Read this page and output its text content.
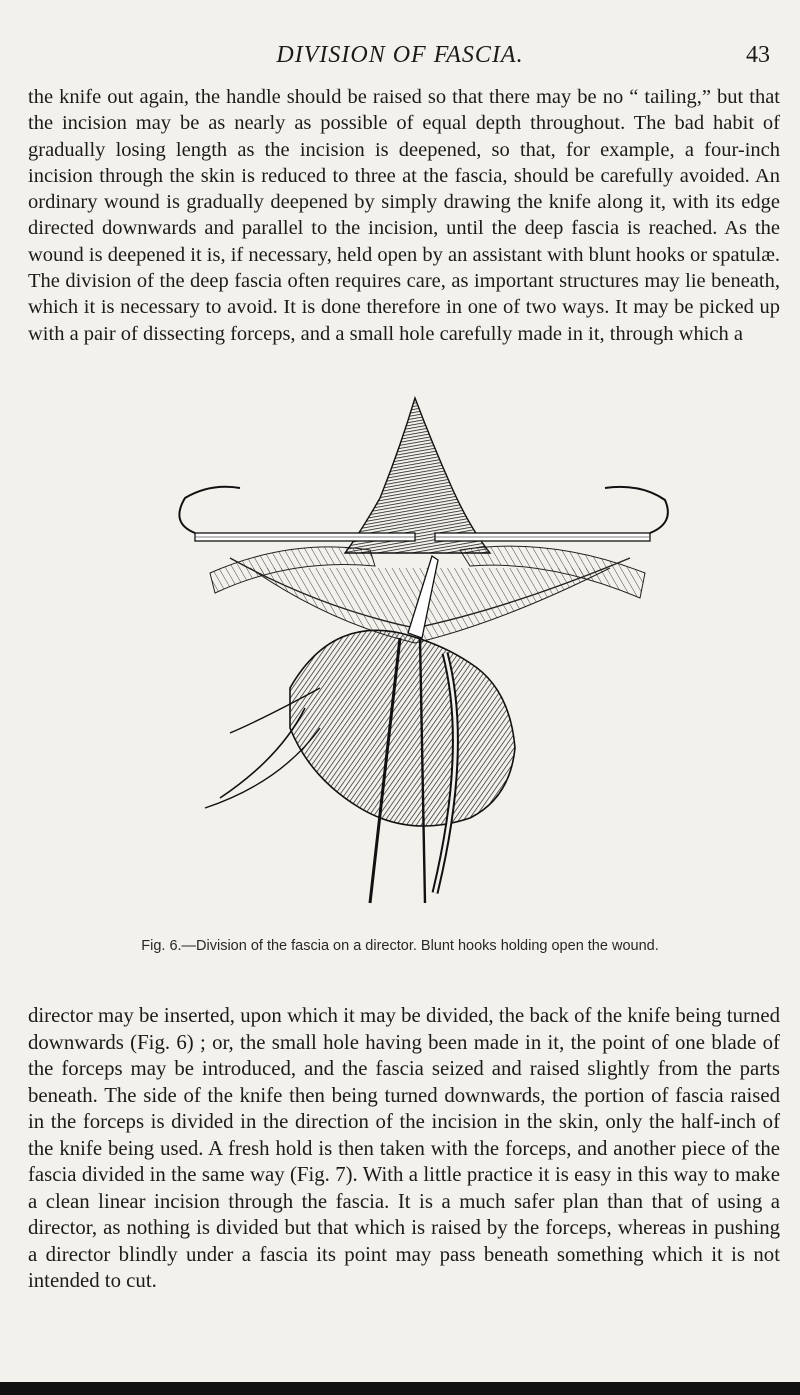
DIVISION OF FASCIA.	43

the knife out again, the handle should be raised so that there may be no “ tailing,” but that the incision may be as nearly as possible of equal depth throughout. The bad habit of gradually losing length as the incision is deepened, so that, for example, a four-inch incision through the skin is reduced to three at the fascia, should be carefully avoided. An ordinary wound is gradually deepened by simply drawing the knife along it, with its edge directed downwards and parallel to the incision, until the deep fascia is reached. As the wound is deepened it is, if necessary, held open by an assistant with blunt hooks or spatulæ. The division of the deep fascia often requires care, as important structures may lie beneath, which it is necessary to avoid. It is done therefore in one of two ways. It may be picked up with a pair of dissecting forceps, and a small hole carefully made in it, through which a

Fig. 6.—Division of the fascia on a director. Blunt hooks holding open the wound.

director may be inserted, upon which it may be divided, the back of the knife being turned downwards (Fig. 6) ; or, the small hole having been made in it, the point of one blade of the forceps may be introduced, and the fascia seized and raised slightly from the parts beneath. The side of the knife then being turned downwards, the portion of fascia raised in the forceps is divided in the direction of the incision in the skin, only the half-inch of the knife being used. A fresh hold is then taken with the forceps, and another piece of the fascia divided in the same way (Fig. 7). With a little practice it is easy in this way to make a clean linear incision through the fascia. It is a much safer plan than that of using a director, as nothing is divided but that which is raised by the forceps, whereas in pushing a director blindly under a fascia its point may pass beneath something which it is not intended to cut.
